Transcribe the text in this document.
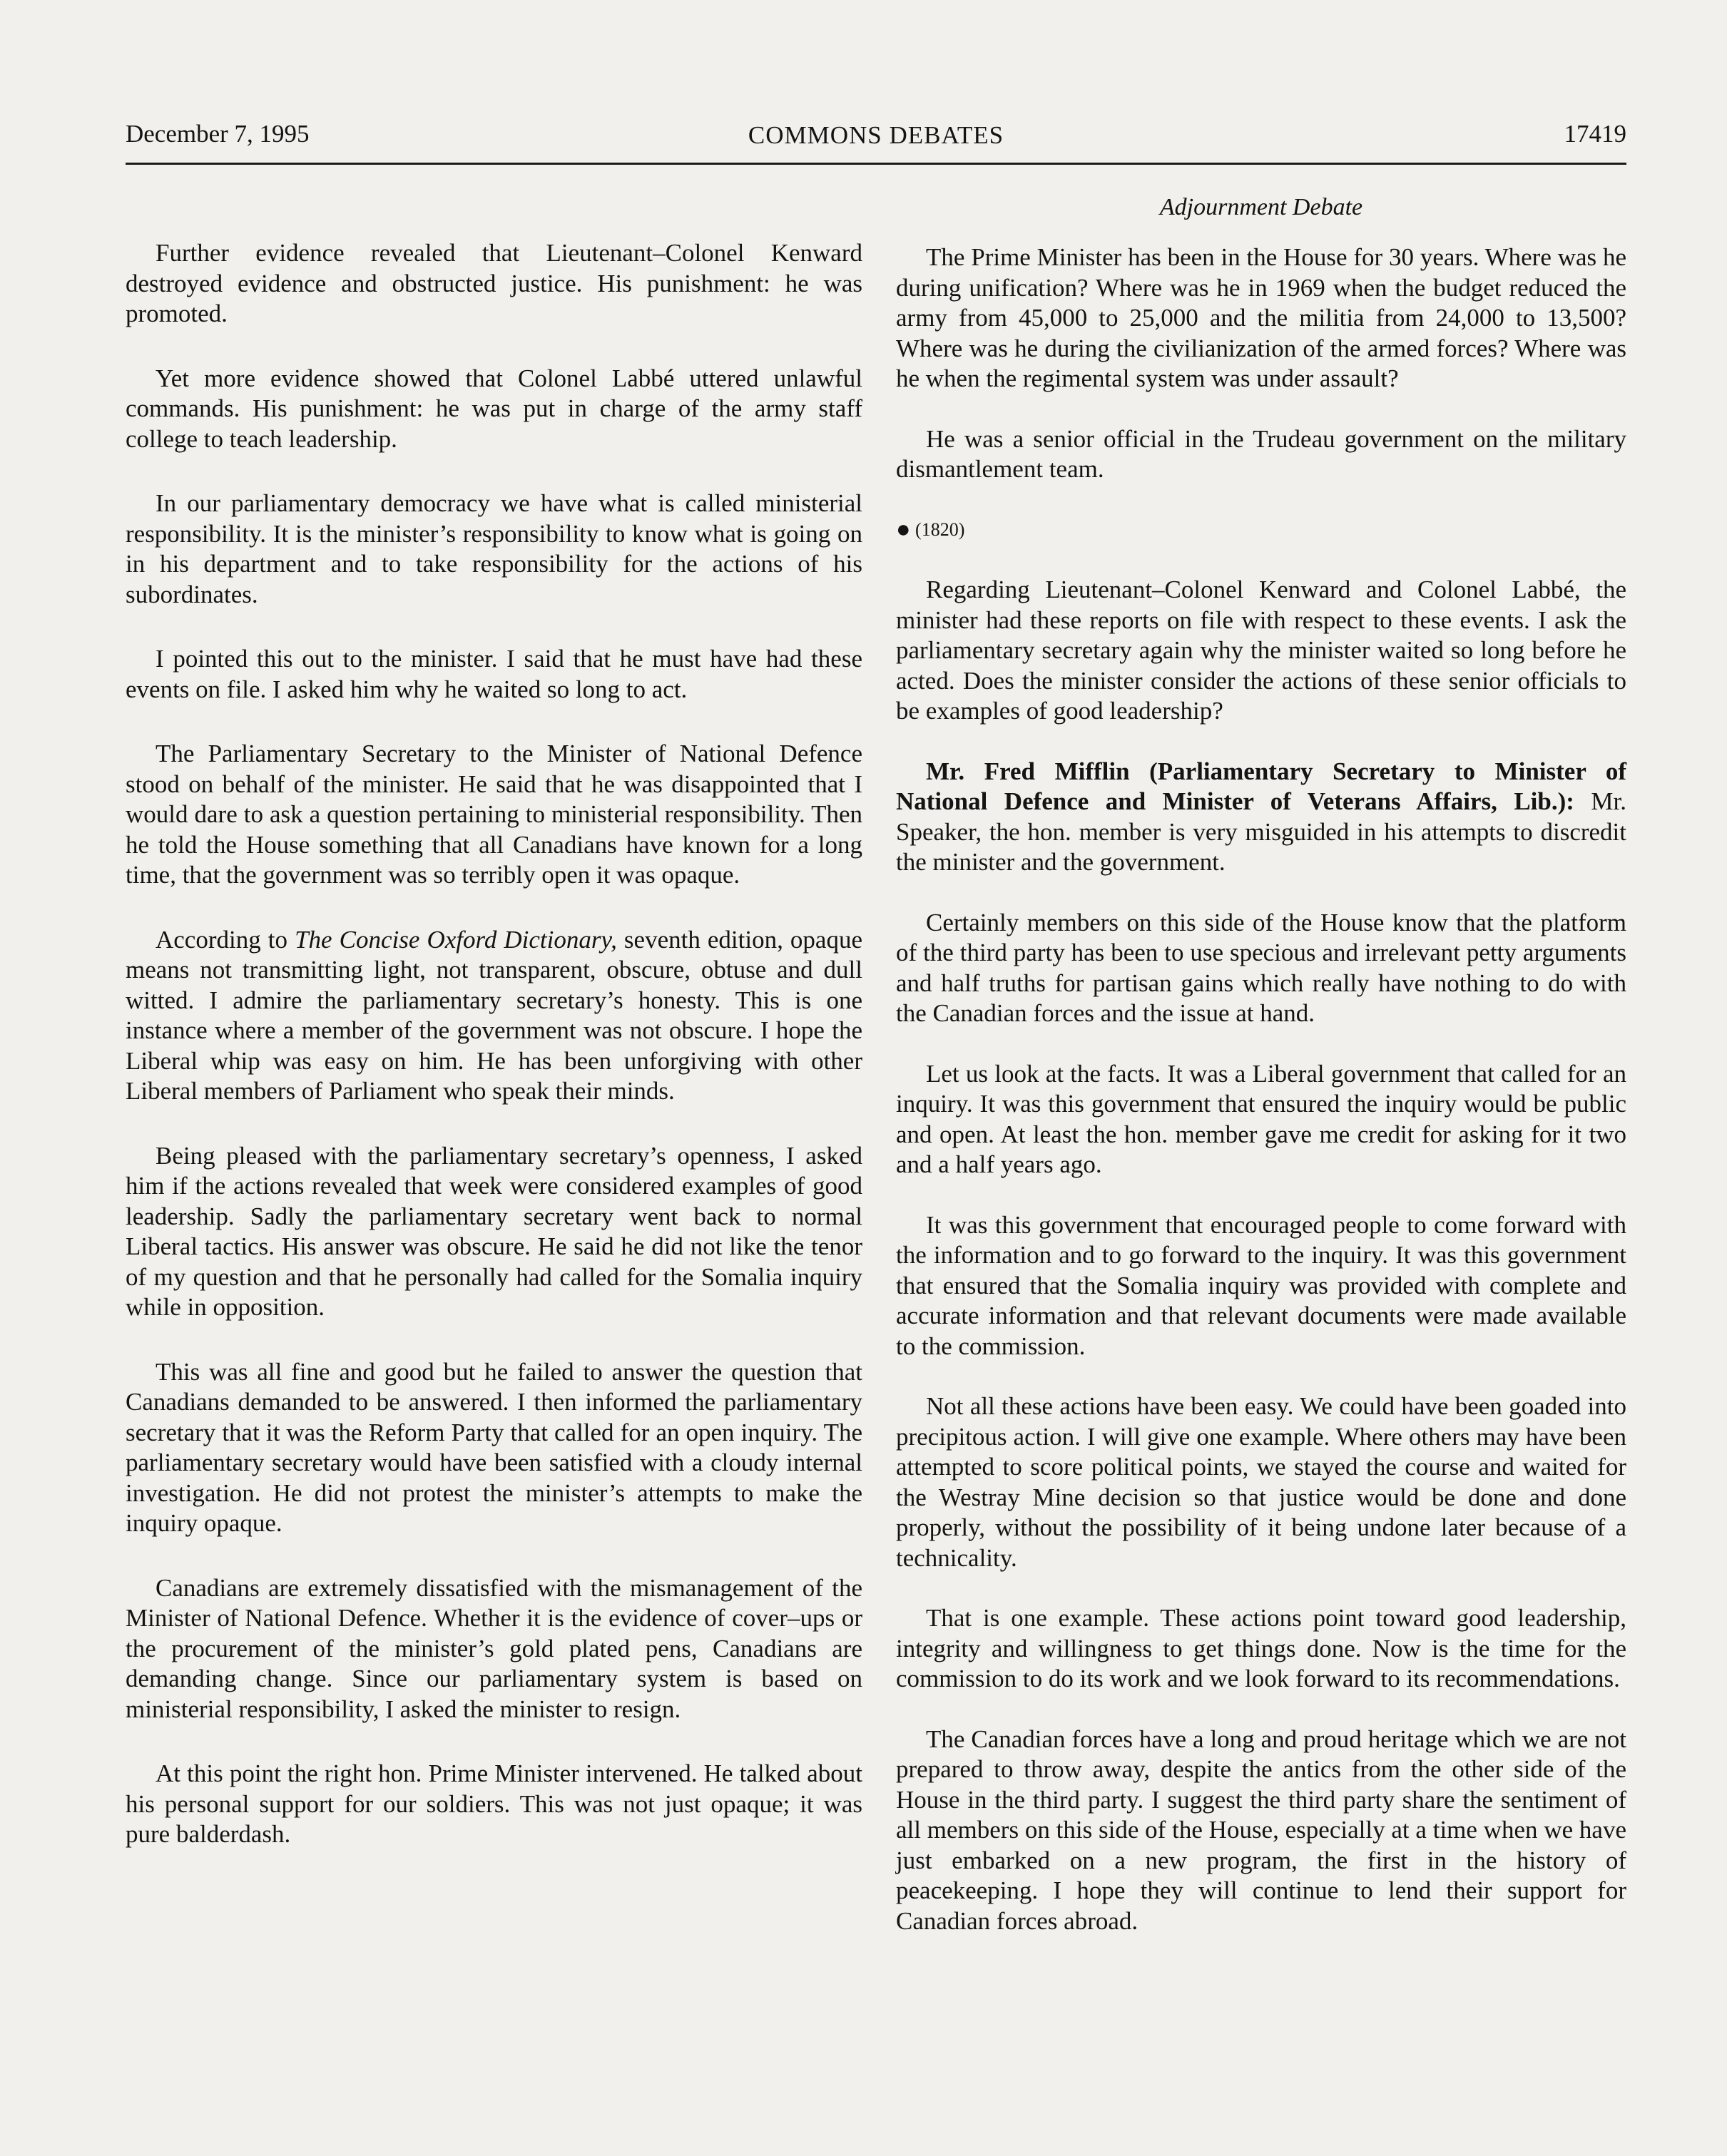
December 7, 1995	COMMONS DEBATES	17419
Adjournment Debate

Further evidence revealed that Lieutenant–Colonel Kenward destroyed evidence and obstructed justice. His punishment: he was promoted.

Yet more evidence showed that Colonel Labbé uttered unlawful commands. His punishment: he was put in charge of the army staff college to teach leadership.

In our parliamentary democracy we have what is called ministerial responsibility. It is the minister’s responsibility to know what is going on in his department and to take responsibility for the actions of his subordinates.

I pointed this out to the minister. I said that he must have had these events on file. I asked him why he waited so long to act.

The Parliamentary Secretary to the Minister of National Defence stood on behalf of the minister. He said that he was disappointed that I would dare to ask a question pertaining to ministerial responsibility. Then he told the House something that all Canadians have known for a long time, that the government was so terribly open it was opaque.

According to The Concise Oxford Dictionary, seventh edition, opaque means not transmitting light, not transparent, obscure, obtuse and dull witted. I admire the parliamentary secretary’s honesty. This is one instance where a member of the government was not obscure. I hope the Liberal whip was easy on him. He has been unforgiving with other Liberal members of Parliament who speak their minds.

Being pleased with the parliamentary secretary’s openness, I asked him if the actions revealed that week were considered examples of good leadership. Sadly the parliamentary secretary went back to normal Liberal tactics. His answer was obscure. He said he did not like the tenor of my question and that he personally had called for the Somalia inquiry while in opposition.

This was all fine and good but he failed to answer the question that Canadians demanded to be answered. I then informed the parliamentary secretary that it was the Reform Party that called for an open inquiry. The parliamentary secretary would have been satisfied with a cloudy internal investigation. He did not protest the minister’s attempts to make the inquiry opaque.

Canadians are extremely dissatisfied with the mismanagement of the Minister of National Defence. Whether it is the evidence of cover–ups or the procurement of the minister’s gold plated pens, Canadians are demanding change. Since our parliamentary system is based on ministerial responsibility, I asked the minister to resign.

At this point the right hon. Prime Minister intervened. He talked about his personal support for our soldiers. This was not just opaque; it was pure balderdash.

The Prime Minister has been in the House for 30 years. Where was he during unification? Where was he in 1969 when the budget reduced the army from 45,000 to 25,000 and the militia from 24,000 to 13,500? Where was he during the civilianization of the armed forces? Where was he when the regimental system was under assault?

He was a senior official in the Trudeau government on the military dismantlement team.

● (1820)

Regarding Lieutenant–Colonel Kenward and Colonel Labbé, the minister had these reports on file with respect to these events. I ask the parliamentary secretary again why the minister waited so long before he acted. Does the minister consider the actions of these senior officials to be examples of good leadership?

Mr. Fred Mifflin (Parliamentary Secretary to Minister of National Defence and Minister of Veterans Affairs, Lib.): Mr. Speaker, the hon. member is very misguided in his attempts to discredit the minister and the government.

Certainly members on this side of the House know that the platform of the third party has been to use specious and irrelevant petty arguments and half truths for partisan gains which really have nothing to do with the Canadian forces and the issue at hand.

Let us look at the facts. It was a Liberal government that called for an inquiry. It was this government that ensured the inquiry would be public and open. At least the hon. member gave me credit for asking for it two and a half years ago.

It was this government that encouraged people to come forward with the information and to go forward to the inquiry. It was this government that ensured that the Somalia inquiry was provided with complete and accurate information and that relevant documents were made available to the commission.

Not all these actions have been easy. We could have been goaded into precipitous action. I will give one example. Where others may have been attempted to score political points, we stayed the course and waited for the Westray Mine decision so that justice would be done and done properly, without the possibility of it being undone later because of a technicality.

That is one example. These actions point toward good leadership, integrity and willingness to get things done. Now is the time for the commission to do its work and we look forward to its recommendations.

The Canadian forces have a long and proud heritage which we are not prepared to throw away, despite the antics from the other side of the House in the third party. I suggest the third party share the sentiment of all members on this side of the House, especially at a time when we have just embarked on a new program, the first in the history of peacekeeping. I hope they will continue to lend their support for Canadian forces abroad.
